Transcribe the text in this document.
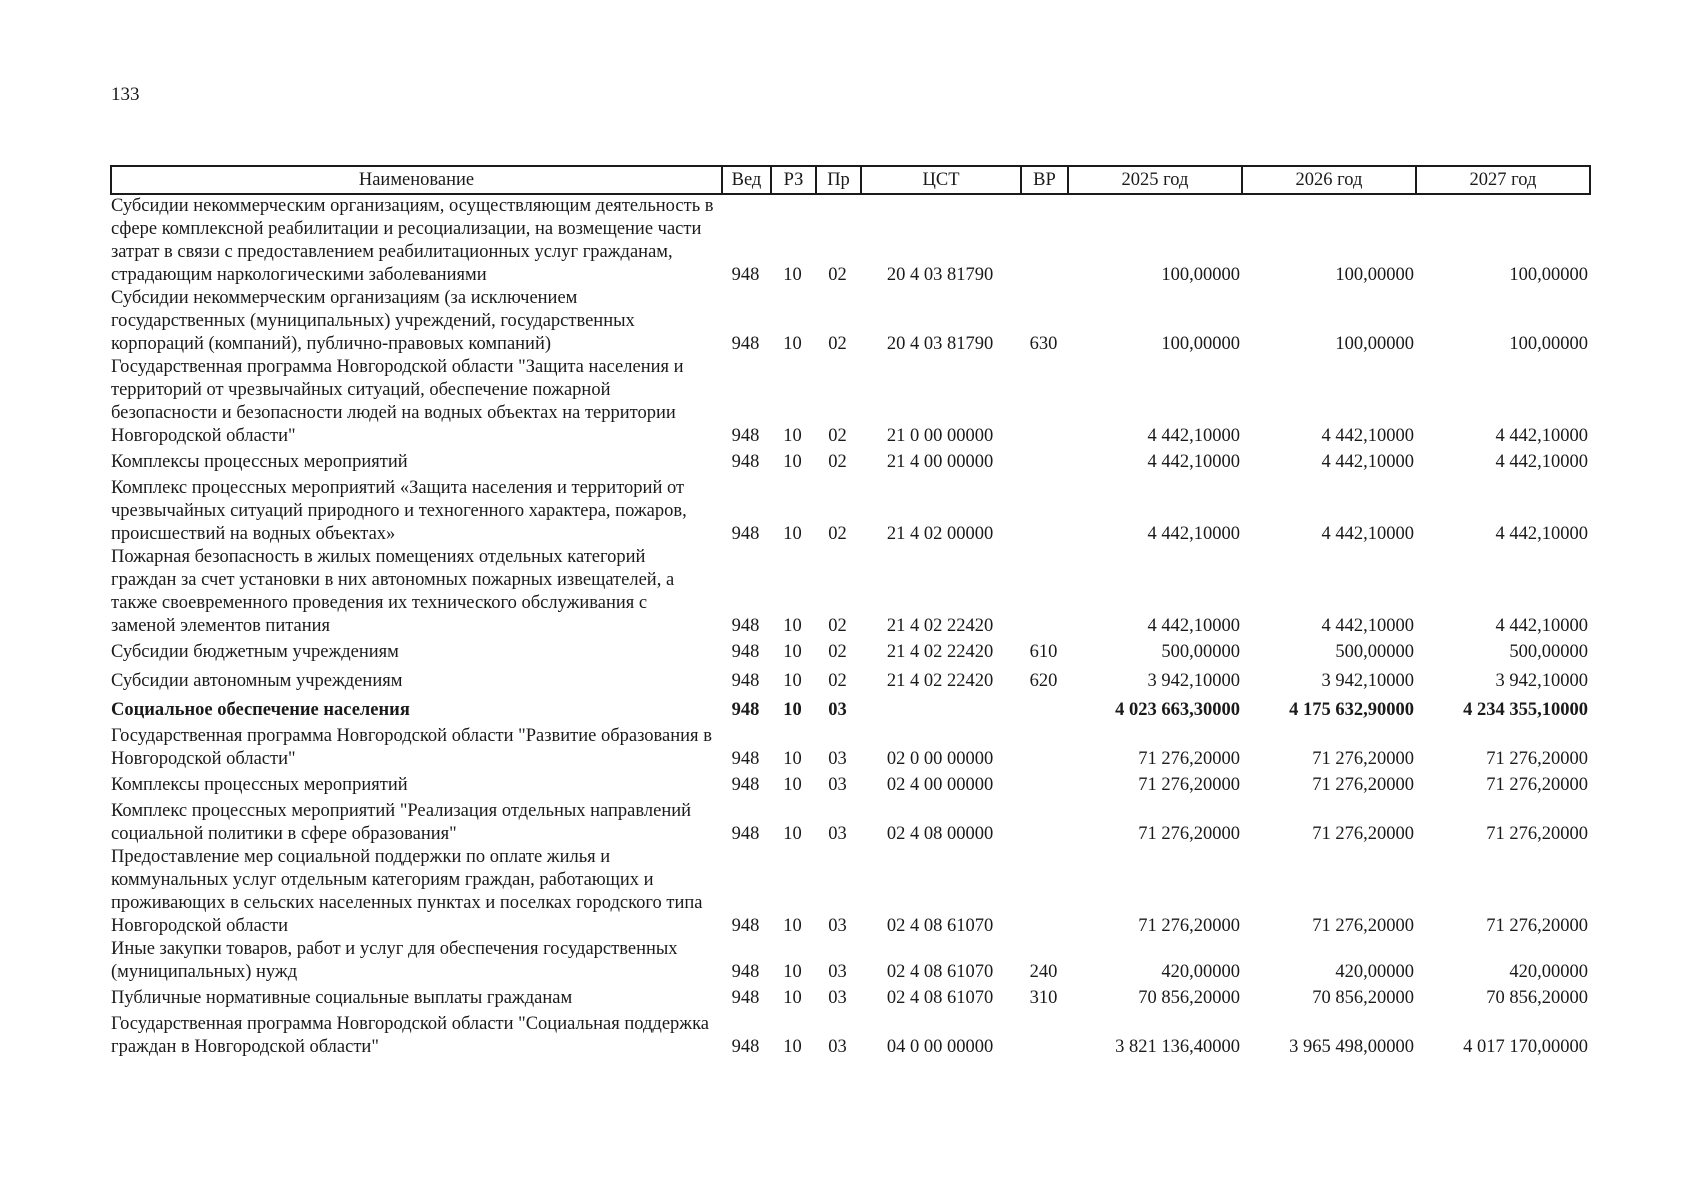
133
Наименование	Вед	РЗ	Пр	ЦСТ	ВР	2025 год	2026 год	2027 год
Субсидии некоммерческим организациям, осуществляющим деятельность в сфере комплексной реабилитации и ресоциализации, на возмещение части затрат в связи с предоставлением реабилитационных услуг гражданам, страдающим наркологическими заболеваниями	948	10	02	20 4 03 81790		100,00000	100,00000	100,00000
Субсидии некоммерческим организациям (за исключением государственных (муниципальных) учреждений, государственных корпораций (компаний), публично-правовых компаний)	948	10	02	20 4 03 81790	630	100,00000	100,00000	100,00000
Государственная программа Новгородской области "Защита населения и территорий от чрезвычайных ситуаций, обеспечение пожарной безопасности и безопасности людей на водных объектах на территории Новгородской области"	948	10	02	21 0 00 00000		4 442,10000	4 442,10000	4 442,10000
Комплексы процессных мероприятий	948	10	02	21 4 00 00000		4 442,10000	4 442,10000	4 442,10000
Комплекс процессных мероприятий «Защита населения и территорий от чрезвычайных ситуаций природного и техногенного характера, пожаров, происшествий на водных объектах»	948	10	02	21 4 02 00000		4 442,10000	4 442,10000	4 442,10000
Пожарная безопасность в жилых помещениях отдельных категорий граждан за счет установки в них автономных пожарных извещателей, а также своевременного проведения их технического обслуживания с заменой элементов питания	948	10	02	21 4 02 22420		4 442,10000	4 442,10000	4 442,10000
Субсидии бюджетным учреждениям	948	10	02	21 4 02 22420	610	500,00000	500,00000	500,00000
Субсидии автономным учреждениям	948	10	02	21 4 02 22420	620	3 942,10000	3 942,10000	3 942,10000
Социальное обеспечение населения	948	10	03			4 023 663,30000	4 175 632,90000	4 234 355,10000
Государственная программа Новгородской области "Развитие образования в Новгородской области"	948	10	03	02 0 00 00000		71 276,20000	71 276,20000	71 276,20000
Комплексы процессных мероприятий	948	10	03	02 4 00 00000		71 276,20000	71 276,20000	71 276,20000
Комплекс процессных мероприятий "Реализация отдельных направлений социальной политики в сфере образования"	948	10	03	02 4 08 00000		71 276,20000	71 276,20000	71 276,20000
Предоставление мер социальной поддержки по оплате жилья и коммунальных услуг отдельным категориям граждан, работающих и проживающих в сельских населенных пунктах и поселках городского типа Новгородской области	948	10	03	02 4 08 61070		71 276,20000	71 276,20000	71 276,20000
Иные закупки товаров, работ и услуг для обеспечения государственных (муниципальных) нужд	948	10	03	02 4 08 61070	240	420,00000	420,00000	420,00000
Публичные нормативные социальные выплаты гражданам	948	10	03	02 4 08 61070	310	70 856,20000	70 856,20000	70 856,20000
Государственная программа Новгородской области "Социальная поддержка граждан в Новгородской области"	948	10	03	04 0 00 00000		3 821 136,40000	3 965 498,00000	4 017 170,00000
